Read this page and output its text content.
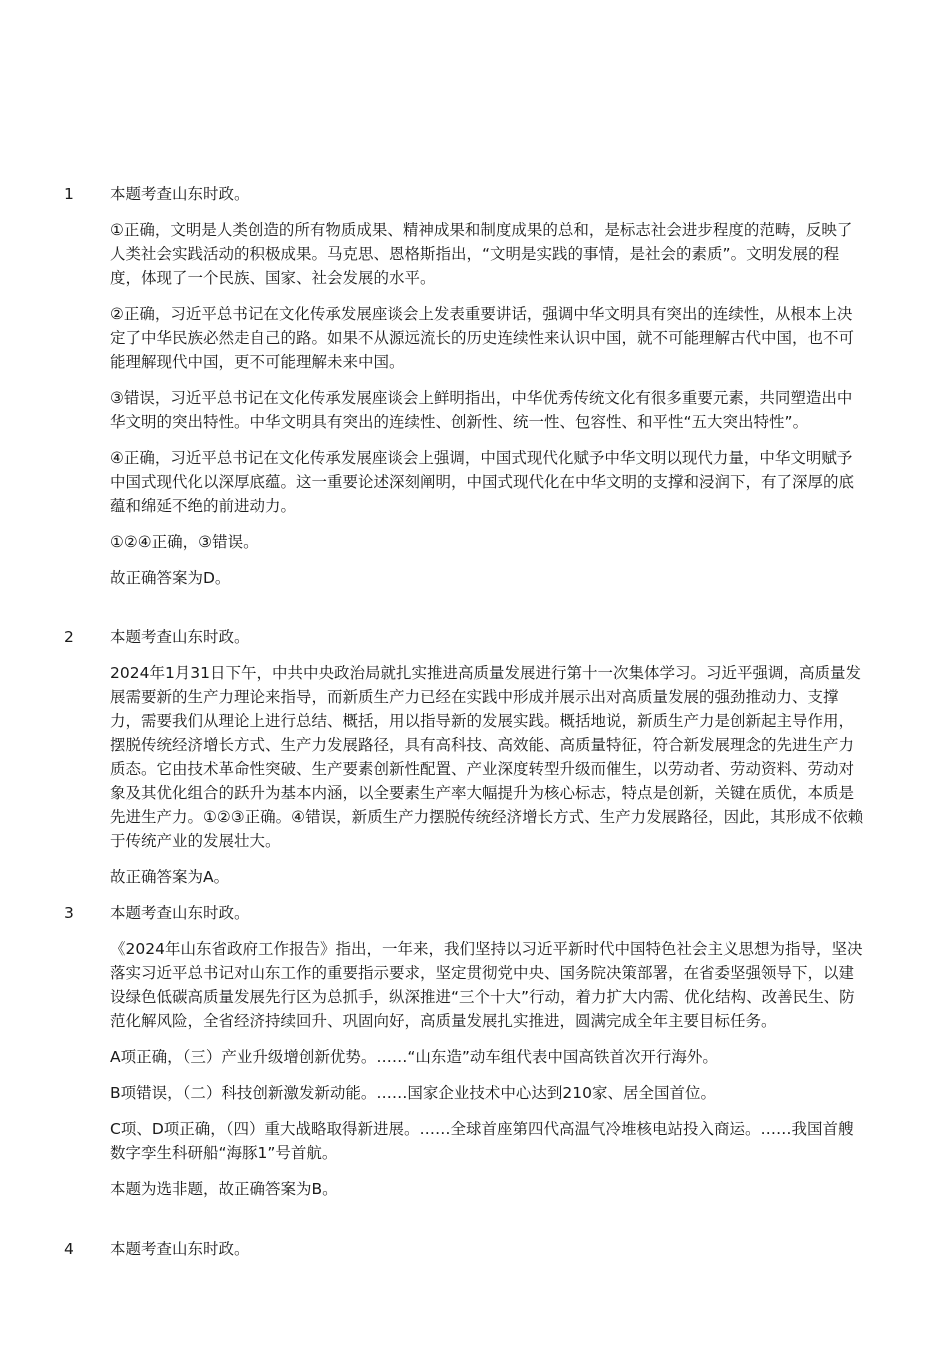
1	本题考查山东时政。

①正确，文明是人类创造的所有物质成果、精神成果和制度成果的总和，是标志社会进步程度的范畴，反映了人类社会实践活动的积极成果。马克思、恩格斯指出，“文明是实践的事情，是社会的素质”。文明发展的程度，体现了一个民族、国家、社会发展的水平。

②正确，习近平总书记在文化传承发展座谈会上发表重要讲话，强调中华文明具有突出的连续性，从根本上决定了中华民族必然走自己的路。如果不从源远流长的历史连续性来认识中国，就不可能理解古代中国，也不可能理解现代中国，更不可能理解未来中国。

③错误，习近平总书记在文化传承发展座谈会上鲜明指出，中华优秀传统文化有很多重要元素，共同塑造出中华文明的突出特性。中华文明具有突出的连续性、创新性、统一性、包容性、和平性“五大突出特性”。

④正确，习近平总书记在文化传承发展座谈会上强调，中国式现代化赋予中华文明以现代力量，中华文明赋予中国式现代化以深厚底蕴。这一重要论述深刻阐明，中国式现代化在中华文明的支撑和浸润下，有了深厚的底蕴和绵延不绝的前进动力。

①②④正确，③错误。

故正确答案为D。

2	本题考查山东时政。

2024年1月31日下午，中共中央政治局就扎实推进高质量发展进行第十一次集体学习。习近平强调，高质量发展需要新的生产力理论来指导，而新质生产力已经在实践中形成并展示出对高质量发展的强劲推动力、支撑力，需要我们从理论上进行总结、概括，用以指导新的发展实践。概括地说，新质生产力是创新起主导作用，摆脱传统经济增长方式、生产力发展路径，具有高科技、高效能、高质量特征，符合新发展理念的先进生产力质态。它由技术革命性突破、生产要素创新性配置、产业深度转型升级而催生，以劳动者、劳动资料、劳动对象及其优化组合的跃升为基本内涵，以全要素生产率大幅提升为核心标志，特点是创新，关键在质优，本质是先进生产力。①②③正确。④错误，新质生产力摆脱传统经济增长方式、生产力发展路径，因此，其形成不依赖于传统产业的发展壮大。

故正确答案为A。

3	本题考查山东时政。

《2024年山东省政府工作报告》指出，一年来，我们坚持以习近平新时代中国特色社会主义思想为指导，坚决落实习近平总书记对山东工作的重要指示要求，坚定贯彻党中央、国务院决策部署，在省委坚强领导下，以建设绿色低碳高质量发展先行区为总抓手，纵深推进“三个十大”行动，着力扩大内需、优化结构、改善民生、防范化解风险，全省经济持续回升、巩固向好，高质量发展扎实推进，圆满完成全年主要目标任务。

A项正确，（三）产业升级增创新优势。……“山东造”动车组代表中国高铁首次开行海外。

B项错误，（二）科技创新激发新动能。……国家企业技术中心达到210家、居全国首位。

C项、D项正确，（四）重大战略取得新进展。……全球首座第四代高温气冷堆核电站投入商运。……我国首艘数字孪生科研船“海豚1”号首航。

本题为选非题，故正确答案为B。

4	本题考查山东时政。
